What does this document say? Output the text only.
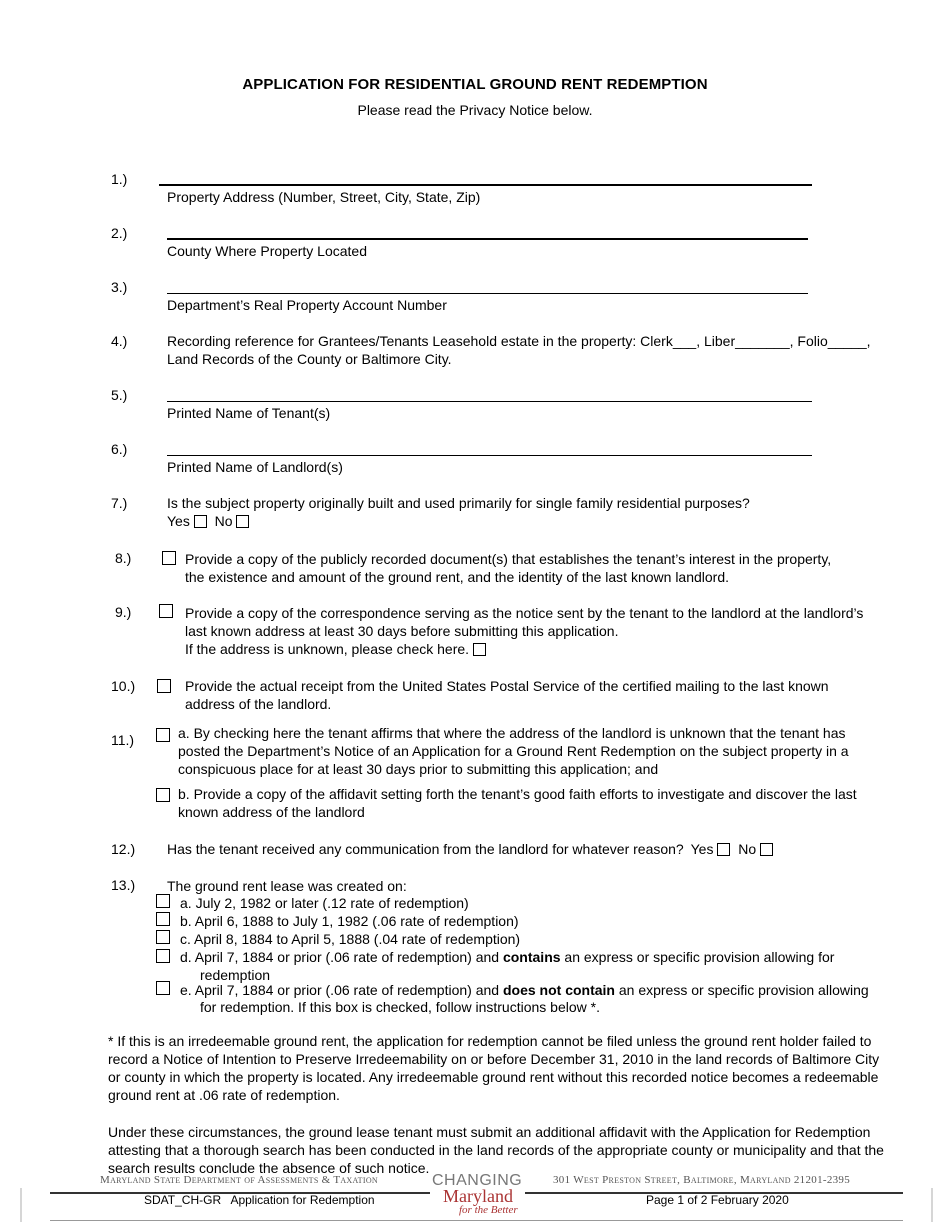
APPLICATION FOR RESIDENTIAL GROUND RENT REDEMPTION
Please read the Privacy Notice below.
1.)
Property Address (Number, Street, City, State, Zip)
2.)
County Where Property Located
3.)
Department’s Real Property Account Number
4.)	Recording reference for Grantees/Tenants Leasehold estate in the property: Clerk___, Liber_______, Folio_____,
Land Records of the County or Baltimore City.
5.)
Printed Name of Tenant(s)
6.)
Printed Name of Landlord(s)
7.)	Is the subject property originally built and used primarily for single family residential purposes?
Yes No
8.)	Provide a copy of the publicly recorded document(s) that establishes the tenant’s interest in the property,
the existence and amount of the ground rent, and the identity of the last known landlord.
9.)	Provide a copy of the correspondence serving as the notice sent by the tenant to the landlord at the landlord’s
last known address at least 30 days before submitting this application.
If the address is unknown, please check here.
10.)	Provide the actual receipt from the United States Postal Service of the certified mailing to the last known
address of the landlord.
11.)	a. By checking here the tenant affirms that where the address of the landlord is unknown that the tenant has
posted the Department’s Notice of an Application for a Ground Rent Redemption on the subject property in a
conspicuous place for at least 30 days prior to submitting this application; and
b. Provide a copy of the affidavit setting forth the tenant’s good faith efforts to investigate and discover the last
known address of the landlord
12.) Has the tenant received any communication from the landlord for whatever reason? Yes No
13.) The ground rent lease was created on:
a. July 2, 1982 or later (.12 rate of redemption)
b. April 6, 1888 to July 1, 1982 (.06 rate of redemption)
c. April 8, 1884 to April 5, 1888 (.04 rate of redemption)
d. April 7, 1884 or prior (.06 rate of redemption) and contains an express or specific provision allowing for
redemption
e. April 7, 1884 or prior (.06 rate of redemption) and does not contain an express or specific provision allowing
for redemption. If this box is checked, follow instructions below *.
* If this is an irredeemable ground rent, the application for redemption cannot be filed unless the ground rent holder failed to record a Notice of Intention to Preserve Irredeemability on or before December 31, 2010 in the land records of Baltimore City or county in which the property is located. Any irredeemable ground rent without this recorded notice becomes a redeemable ground rent at .06 rate of redemption.
Under these circumstances, the ground lease tenant must submit an additional affidavit with the Application for Redemption attesting that a thorough search has been conducted in the land records of the appropriate county or municipality and that the search results conclude the absence of such notice.
Maryland State Department of Assessments & Taxation	301 West Preston Street, Baltimore, Maryland 21201-2395
CHANGING
Maryland
for the Better
SDAT_CH-GR   Application for Redemption	Page 1 of 2 February 2020
